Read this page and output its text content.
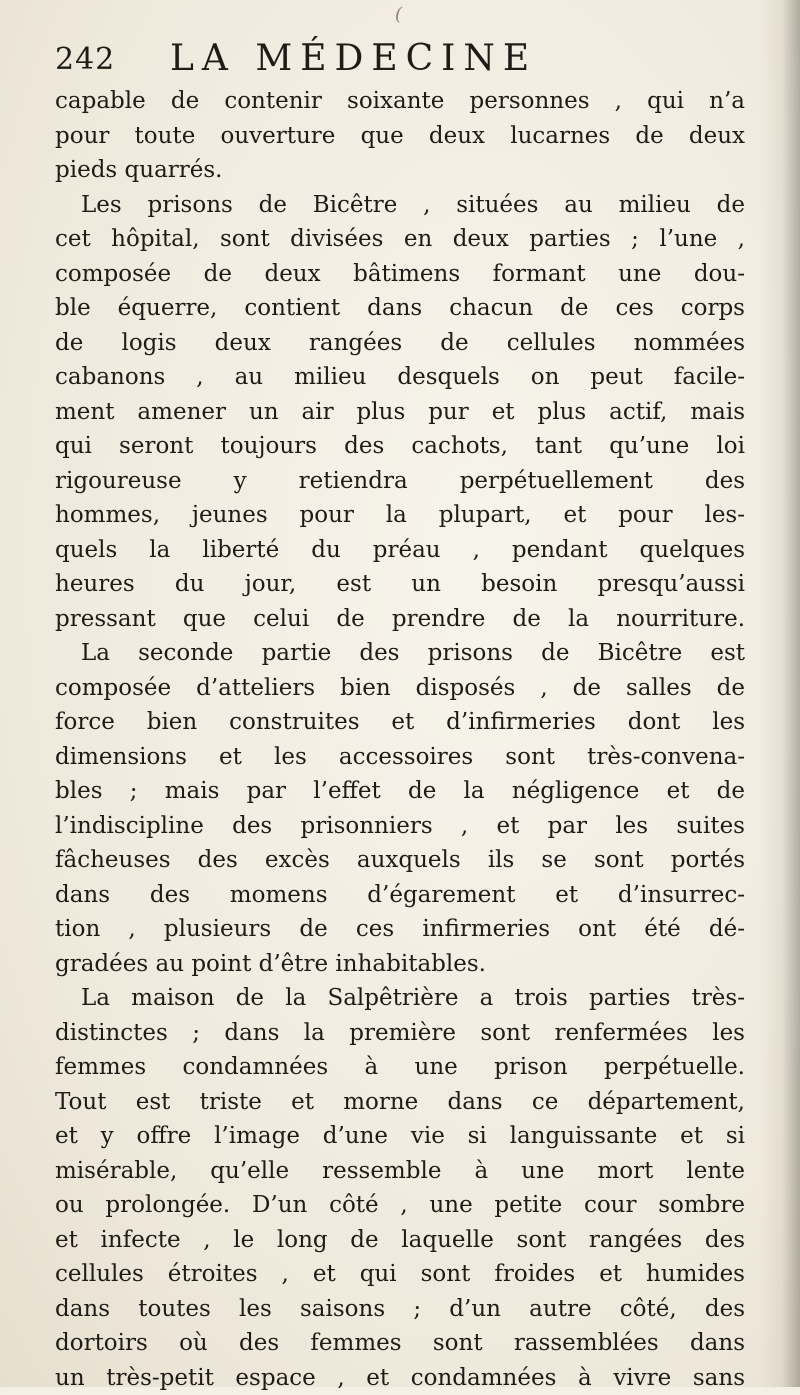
(
242 LA MÉDECINE
capable de contenir soixante personnes , qui n’a
pour toute ouverture que deux lucarnes de deux
pieds quarrés.
Les prisons de Bicêtre , situées au milieu de
cet hôpital, sont divisées en deux parties ; l’une ,
composée de deux bâtimens formant une dou-
ble équerre, contient dans chacun de ces corps
de logis deux rangées de cellules nommées
cabanons , au milieu desquels on peut facile-
ment amener un air plus pur et plus actif, mais
qui seront toujours des cachots, tant qu’une loi
rigoureuse y retiendra perpétuellement des
hommes, jeunes pour la plupart, et pour les-
quels la liberté du préau , pendant quelques
heures du jour, est un besoin presqu’aussi
pressant que celui de prendre de la nourriture.
La seconde partie des prisons de Bicêtre est
composée d’atteliers bien disposés , de salles de
force bien construites et d’infirmeries dont les
dimensions et les accessoires sont très-convena-
bles ; mais par l’effet de la négligence et de
l’indiscipline des prisonniers , et par les suites
fâcheuses des excès auxquels ils se sont portés
dans des momens d’égarement et d’insurrec-
tion , plusieurs de ces infirmeries ont été dé-
gradées au point d’être inhabitables.
La maison de la Salpêtrière a trois parties très-
distinctes ; dans la première sont renfermées les
femmes condamnées à une prison perpétuelle.
Tout est triste et morne dans ce département,
et y offre l’image d’une vie si languissante et si
misérable, qu’elle ressemble à une mort lente
ou prolongée. D’un côté , une petite cour sombre
et infecte , le long de laquelle sont rangées des
cellules étroites , et qui sont froides et humides
dans toutes les saisons ; d’un autre côté, des
dortoirs où des femmes sont rassemblées dans
un très-petit espace , et condamnées à vivre sans
